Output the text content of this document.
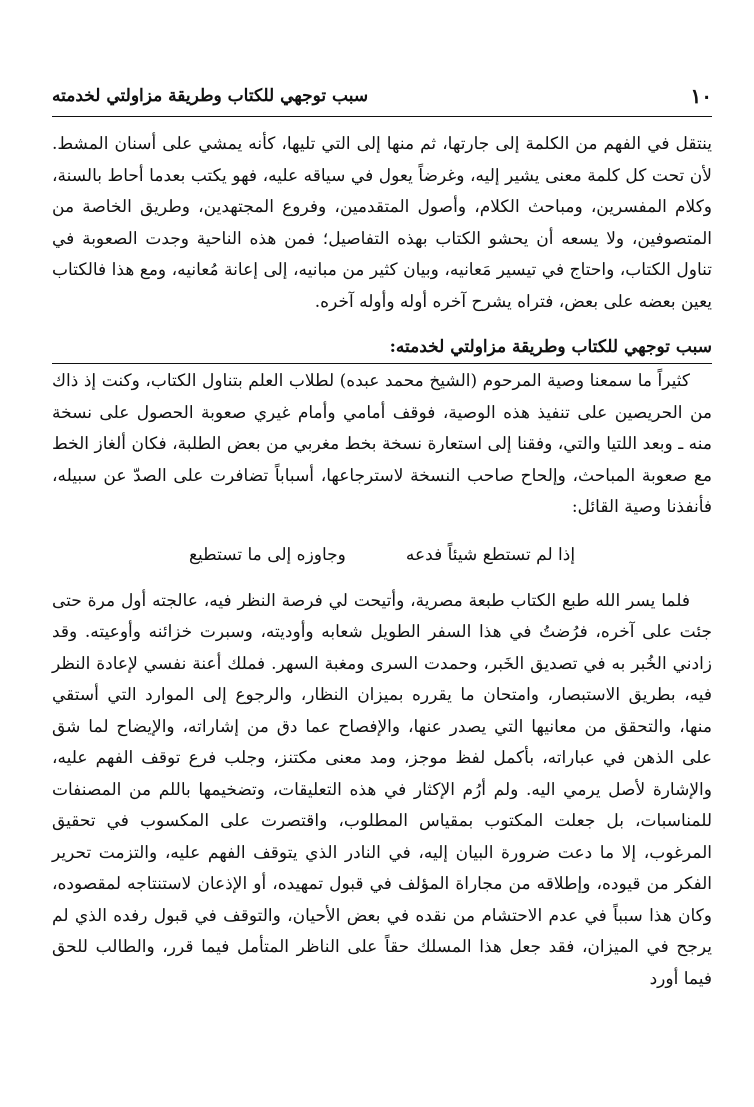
١٠
سبب توجهي للكتاب وطريقة مزاولتي لخدمته

ينتقل في الفهم من الكلمة إلى جارتها، ثم منها إلى التي تليها، كأنه يمشي على أسنان المشط. لأن تحت كل كلمة معنى يشير إليه، وغرضاً يعول في سياقه عليه، فهو يكتب بعدما أحاط بالسنة، وكلام المفسرين، ومباحث الكلام، وأصول المتقدمين، وفروع المجتهدين، وطريق الخاصة من المتصوفين، ولا يسعه أن يحشو الكتاب بهذه التفاصيل؛ فمن هذه الناحية وجدت الصعوبة في تناول الكتاب، واحتاج في تيسير مَعانيه، وبيان كثير من مبانيه، إلى إعانة مُعانيه، ومع هذا فالكتاب يعين بعضه على بعض، فتراه يشرح آخره أوله وأوله آخره.

سبب توجهي للكتاب وطريقة مزاولتي لخدمته:

كثيراً ما سمعنا وصية المرحوم (الشيخ محمد عبده) لطلاب العلم بتناول الكتاب، وكنت إذ ذاك من الحريصين على تنفيذ هذه الوصية، فوقف أمامي وأمام غيري صعوبة الحصول على نسخة منه ـ وبعد اللتيا والتي، وفقنا إلى استعارة نسخة بخط مغربي من بعض الطلبة، فكان ألغاز الخط مع صعوبة المباحث، وإلحاح صاحب النسخة لاسترجاعها، أسباباً تضافرت على الصدّ عن سبيله، فأنفذنا وصية القائل:

إذا لم تستطع شيئاً فدعه
وجاوزه إلى ما تستطيع

فلما يسر الله طبع الكتاب طبعة مصرية، وأتيحت لي فرصة النظر فيه، عالجته أول مرة حتى جئت على آخره، فرُضتُ في هذا السفر الطويل شعابه وأوديته، وسبرت خزائنه وأوعيته. وقد زادني الخُبر به في تصديق الخَبر، وحمدت السرى ومغبة السهر. فملك أعنة نفسي لإعادة النظر فيه، بطريق الاستبصار، وامتحان ما يقرره بميزان النظار، والرجوع إلى الموارد التي أستقي منها، والتحقق من معانيها التي يصدر عنها، والإفصاح عما دق من إشاراته، والإيضاح لما شق على الذهن في عباراته، بأكمل لفظ موجز، ومد معنى مكتنز، وجلب فرع توقف الفهم عليه، والإشارة لأصل يرمي اليه. ولم أرُم الإكثار في هذه التعليقات، وتضخيمها باللم من المصنفات للمناسبات، بل جعلت المكتوب بمقياس المطلوب، واقتصرت على المكسوب في تحقيق المرغوب، إلا ما دعت ضرورة البيان إليه، في النادر الذي يتوقف الفهم عليه، والتزمت تحرير الفكر من قيوده، وإطلاقه من مجاراة المؤلف في قبول تمهيده، أو الإذعان لاستنتاجه لمقصوده، وكان هذا سبباً في عدم الاحتشام من نقده في بعض الأحيان، والتوقف في قبول رفده الذي لم يرجح في الميزان، فقد جعل هذا المسلك حقاً على الناظر المتأمل فيما قرر، والطالب للحق فيما أورد
